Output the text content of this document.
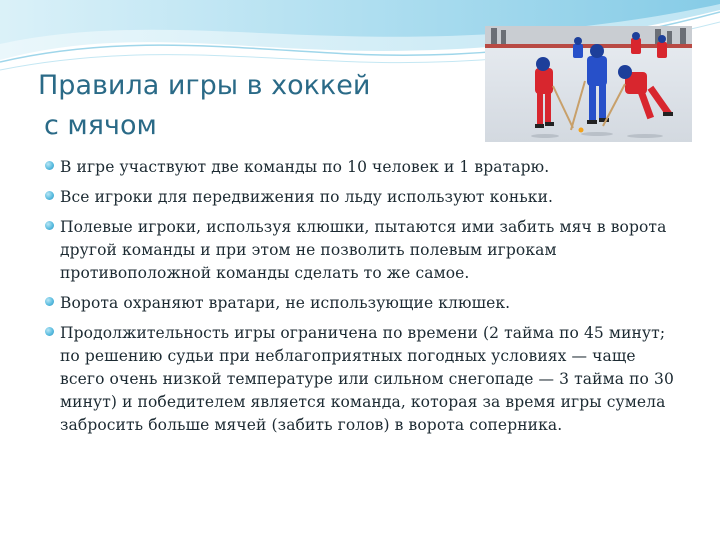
Правила игры в хоккей
с мячом
В игре участвуют две команды по 10 человек и 1 вратарю.
Все игроки для передвижения по льду используют коньки.
Полевые игроки, используя клюшки, пытаются ими забить мяч в ворота другой команды и при этом не позволить полевым игрокам противоположной команды сделать то же самое.
Ворота охраняют вратари, не использующие клюшек.
Продолжительность игры ограничена по времени (2 тайма по 45 минут; по решению судьи при неблагоприятных погодных условиях — чаще всего очень низкой температуре или сильном снегопаде — 3 тайма по 30 минут) и победителем является команда, которая за время игры сумела забросить больше мячей (забить голов) в ворота соперника.
